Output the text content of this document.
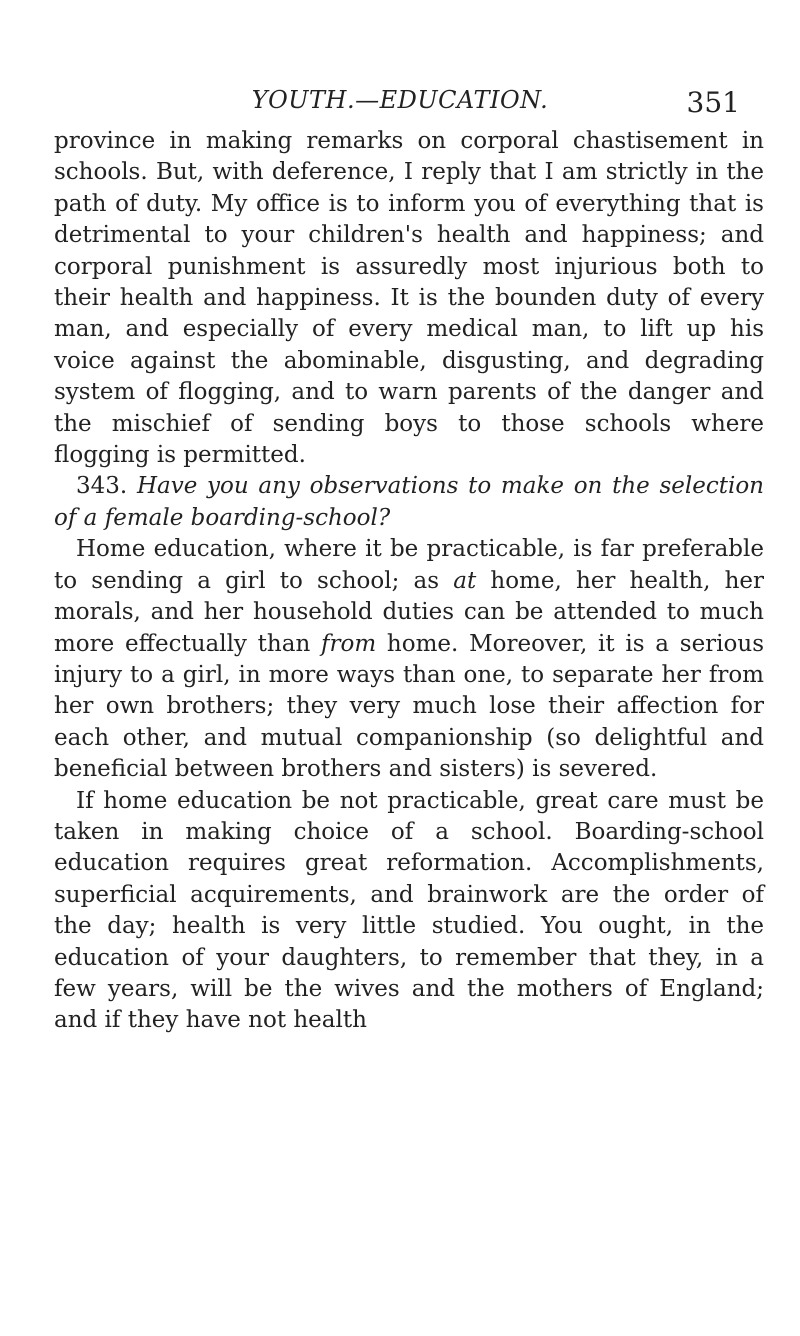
YOUTH.—EDUCATION.	351

province in making remarks on corporal chastisement in schools. But, with deference, I reply that I am strictly in the path of duty. My office is to inform you of everything that is detrimental to your children's health and happiness; and corporal punishment is assuredly most injurious both to their health and happiness. It is the bounden duty of every man, and especially of every medical man, to lift up his voice against the abominable, disgusting, and degrading system of flogging, and to warn parents of the danger and the mischief of sending boys to those schools where flogging is permitted.

343. Have you any observations to make on the selection of a female boarding-school?

Home education, where it be practicable, is far preferable to sending a girl to school; as at home, her health, her morals, and her household duties can be attended to much more effectually than from home. Moreover, it is a serious injury to a girl, in more ways than one, to separate her from her own brothers; they very much lose their affection for each other, and mutual companionship (so delightful and beneficial between brothers and sisters) is severed.

If home education be not practicable, great care must be taken in making choice of a school. Boarding-school education requires great reformation. Accomplishments, superficial acquirements, and brainwork are the order of the day; health is very little studied. You ought, in the education of your daughters, to remember that they, in a few years, will be the wives and the mothers of England; and if they have not health
